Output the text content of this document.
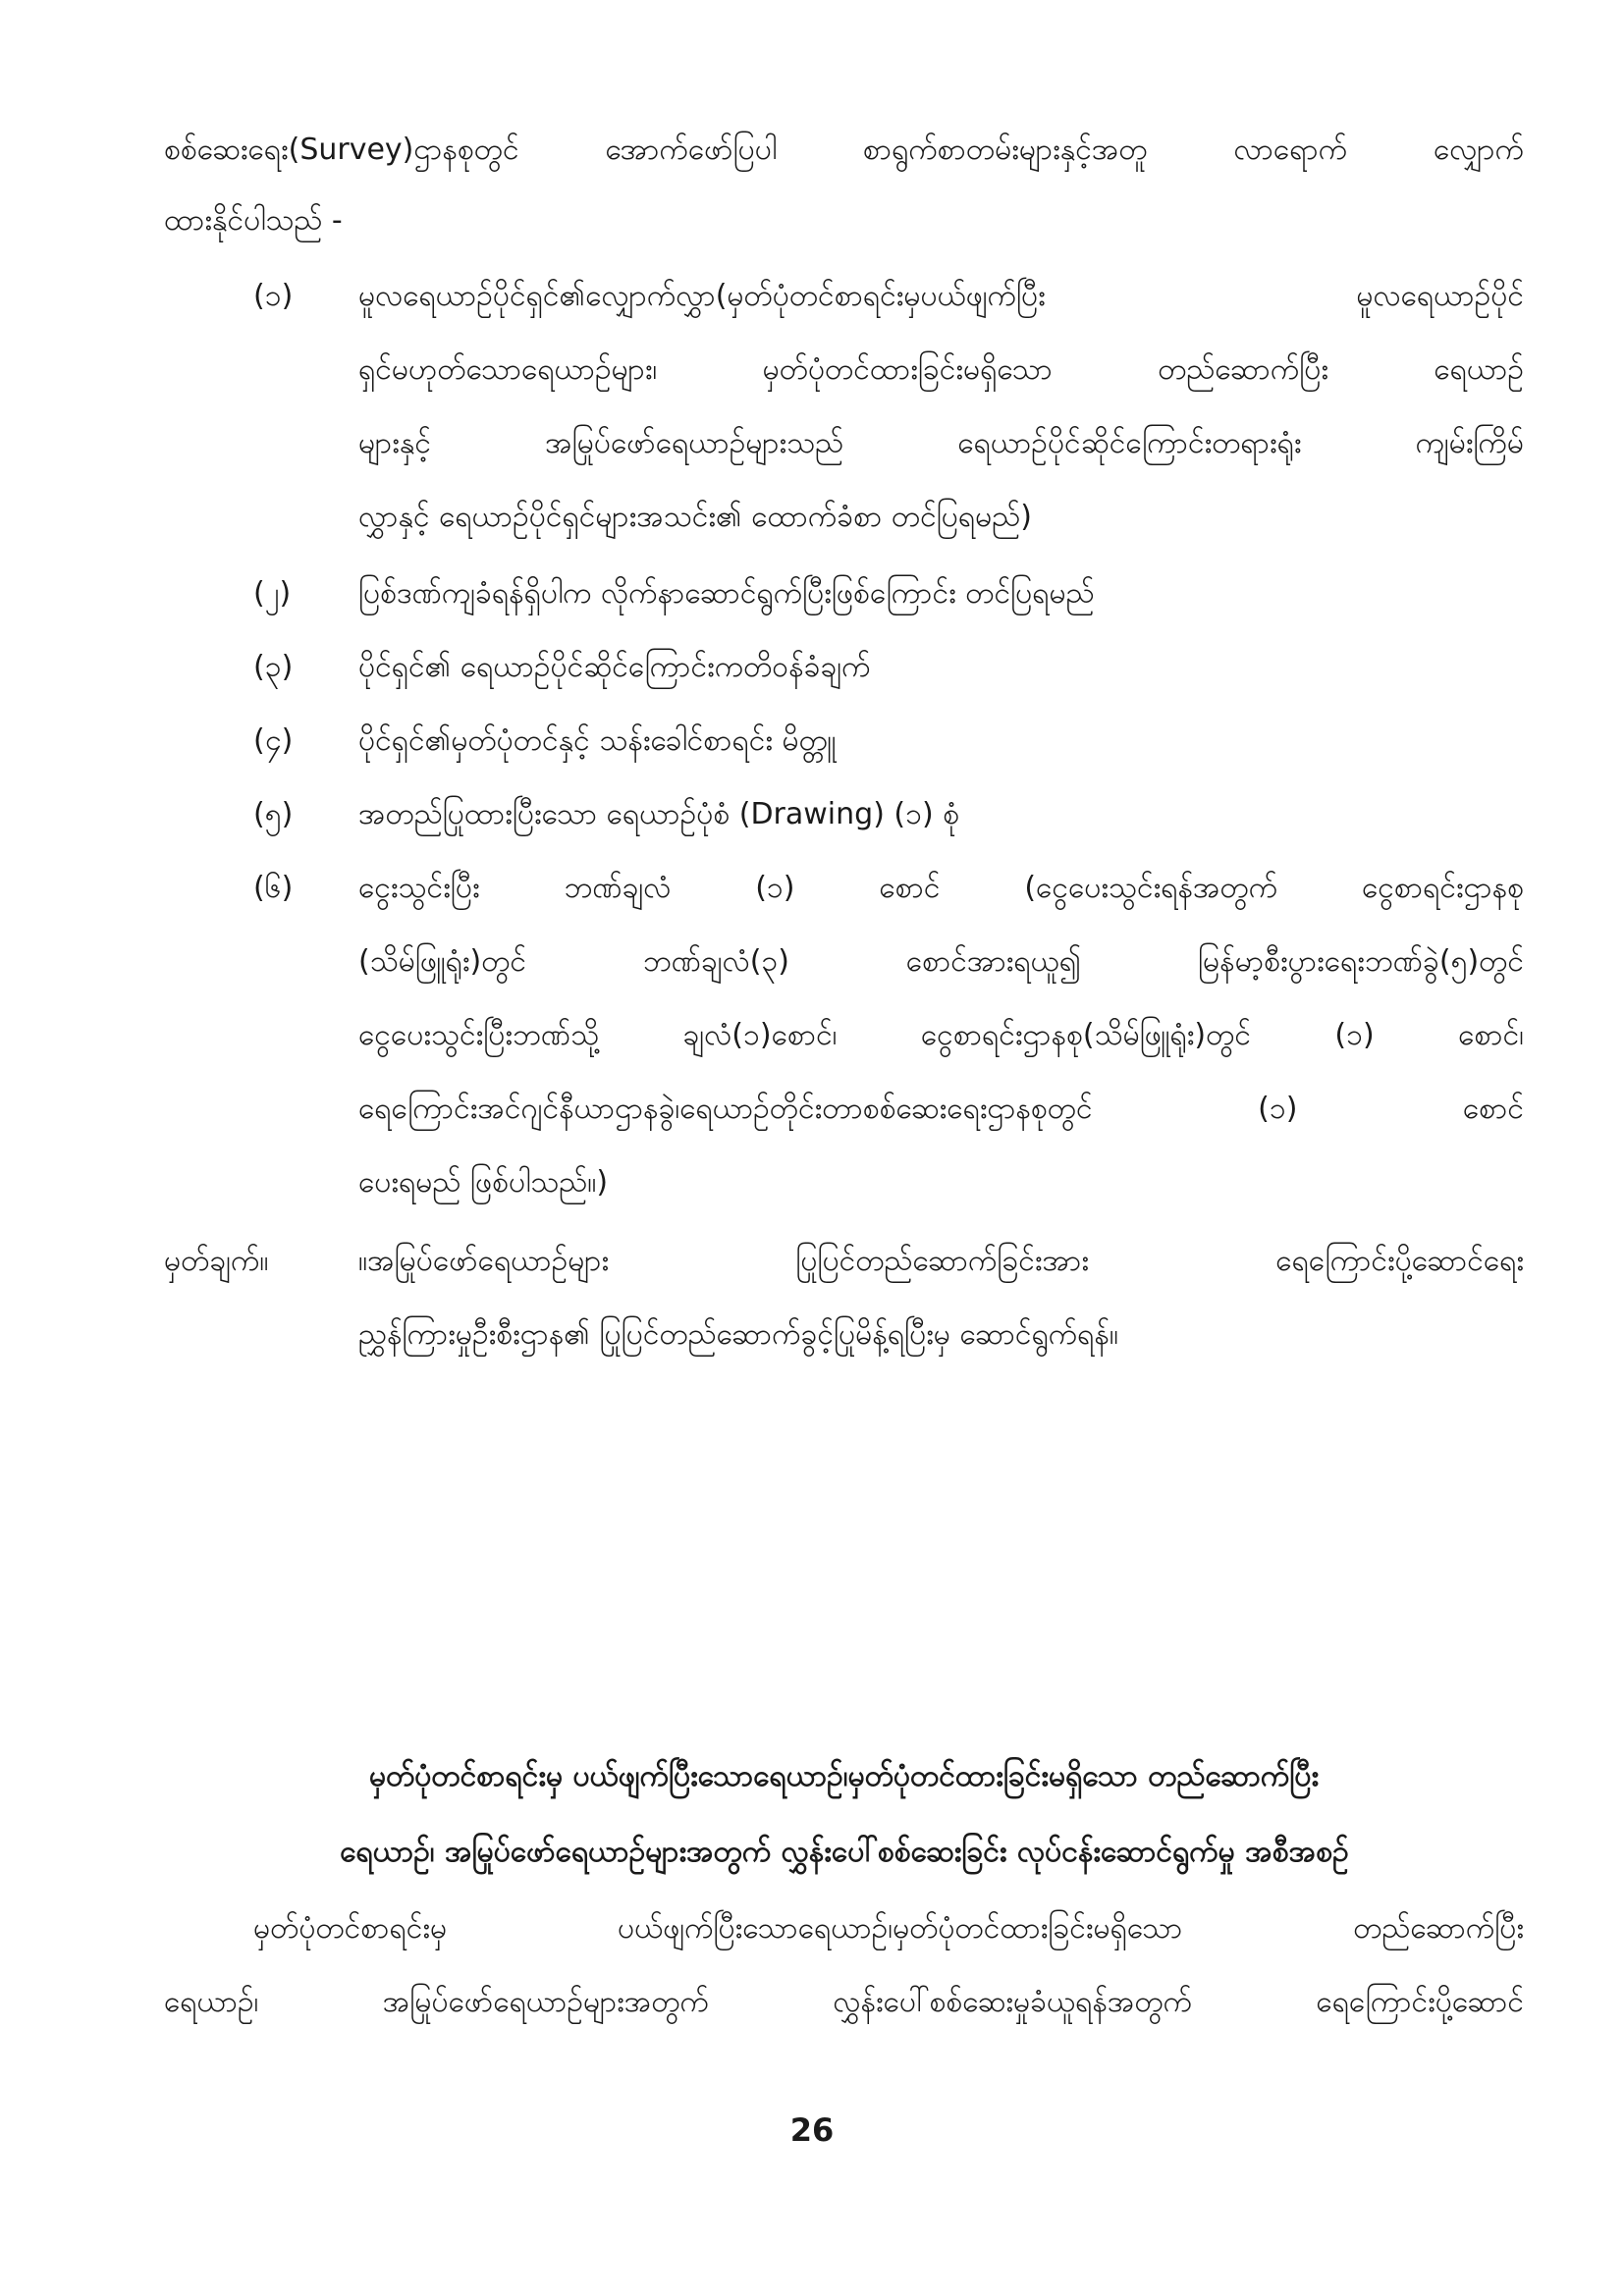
စစ်ဆေးရေး(Survey)ဌာနစုတွင် အောက်ဖော်ပြပါ စာရွက်စာတမ်းများနှင့်အတူ လာရောက် လျှောက်
ထားနိုင်ပါသည် -
(၁) မူလရေယာဉ်ပိုင်ရှင်၏လျှောက်လွှာ(မှတ်ပုံတင်စာရင်းမှပယ်ဖျက်ပြီး မူလရေယာဉ်ပိုင်
ရှင်မဟုတ်သောရေယာဉ်များ၊ မှတ်ပုံတင်ထားခြင်းမရှိသော တည်ဆောက်ပြီး ရေယာဉ်
များနှင့် အမြုပ်ဖော်ရေယာဉ်များသည် ရေယာဉ်ပိုင်ဆိုင်ကြောင်းတရားရုံး ကျမ်းကြိမ်
လွှာနှင့် ရေယာဉ်ပိုင်ရှင်များအသင်း၏ ထောက်ခံစာ တင်ပြရမည်)
(၂) ပြစ်ဒဏ်ကျခံရန်ရှိပါက လိုက်နာဆောင်ရွက်ပြီးဖြစ်ကြောင်း တင်ပြရမည်
(၃) ပိုင်ရှင်၏ ရေယာဉ်ပိုင်ဆိုင်ကြောင်းကတိဝန်ခံချက်
(၄) ပိုင်ရှင်၏မှတ်ပုံတင်နှင့် သန်းခေါင်စာရင်း မိတ္တူ
(၅) အတည်ပြုထားပြီးသော ရေယာဉ်ပုံစံ (Drawing) (၁) စုံ
(၆) ငွေးသွင်းပြီး ဘဏ်ချလံ (၁) စောင် (ငွေပေးသွင်းရန်အတွက် ငွေစာရင်းဌာနစု
(သိမ်ဖြူရုံး)တွင် ဘဏ်ချလံ(၃) စောင်အားရယူ၍ မြန်မာ့စီးပွားရေးဘဏ်ခွဲ(၅)တွင်
ငွေပေးသွင်းပြီးဘဏ်သို့ ချလံ(၁)စောင်၊ ငွေစာရင်းဌာနစု(သိမ်ဖြူရုံး)တွင် (၁) စောင်၊
ရေကြောင်းအင်ဂျင်နီယာဌာနခွဲ၊ရေယာဉ်တိုင်းတာစစ်ဆေးရေးဌာနစုတွင် (၁) စောင်
ပေးရမည် ဖြစ်ပါသည်။)
မှတ်ချက်။	။အမြုပ်ဖော်ရေယာဉ်များ ပြုပြင်တည်ဆောက်ခြင်းအား ရေကြောင်းပို့ဆောင်ရေး
ညွှန်ကြားမှုဦးစီးဌာန၏ ပြုပြင်တည်ဆောက်ခွင့်ပြုမိန့်ရပြီးမှ ဆောင်ရွက်ရန်။
မှတ်ပုံတင်စာရင်းမှ ပယ်ဖျက်ပြီးသောရေယာဉ်၊မှတ်ပုံတင်ထားခြင်းမရှိသော တည်ဆောက်ပြီး
ရေယာဉ်၊ အမြုပ်ဖော်ရေယာဉ်များအတွက် လွှန်းပေါ်စစ်ဆေးခြင်း လုပ်ငန်းဆောင်ရွက်မှု အစီအစဉ်
မှတ်ပုံတင်စာရင်းမှ ပယ်ဖျက်ပြီးသောရေယာဉ်၊မှတ်ပုံတင်ထားခြင်းမရှိသော တည်ဆောက်ပြီး
ရေယာဉ်၊ အမြုပ်ဖော်ရေယာဉ်များအတွက် လွှန်းပေါ်စစ်ဆေးမှုခံယူရန်အတွက် ရေကြောင်းပို့ဆောင်
26
